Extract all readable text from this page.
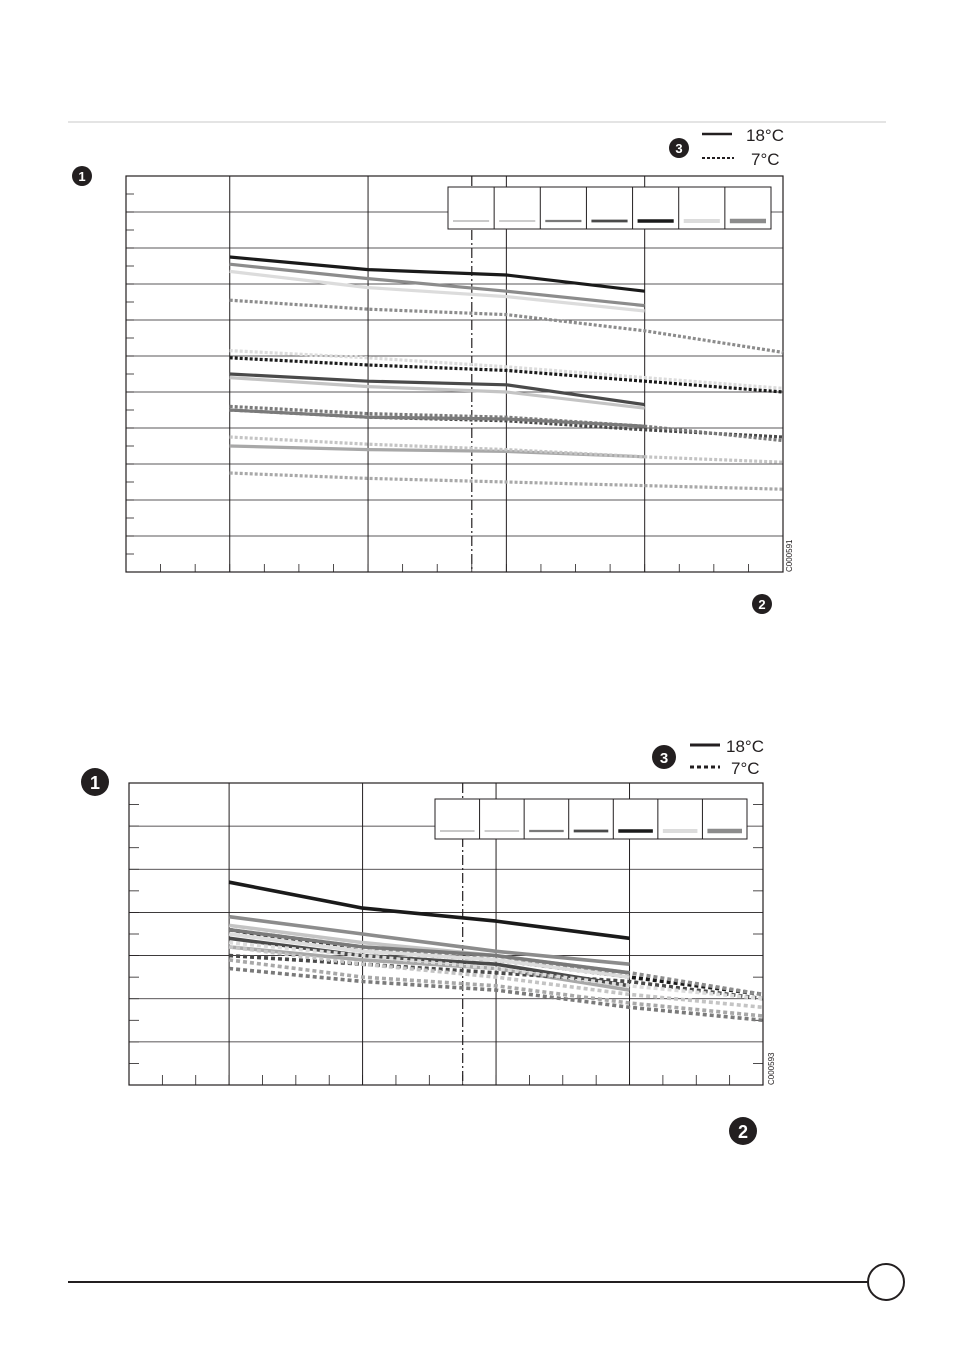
3
18°C
7°C
1
2
C000591
3
18°C
7°C
1
2
C000593
